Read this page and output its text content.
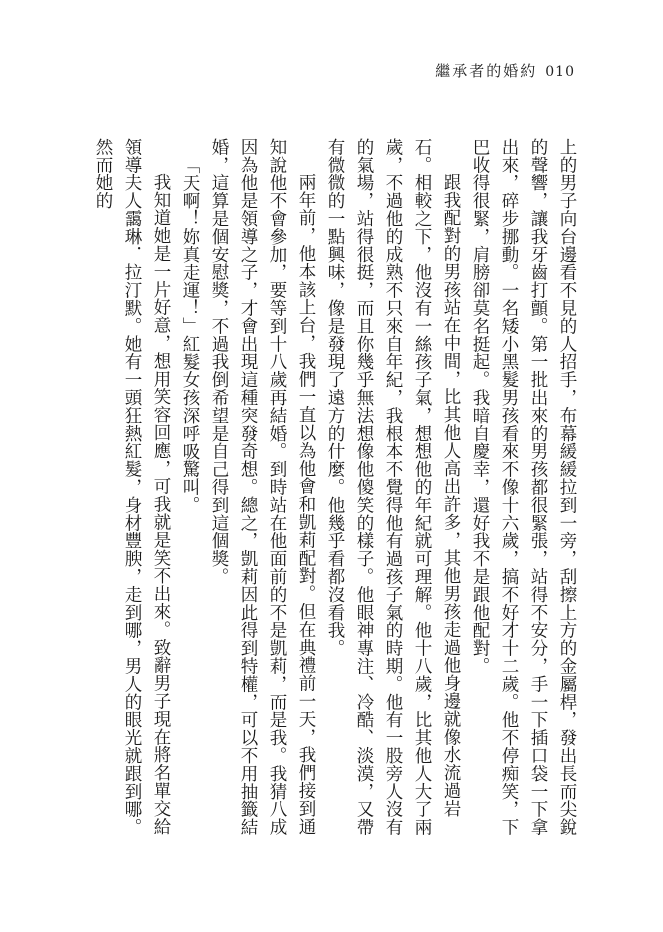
繼承者的婚約 010

上的男子向台邊看不見的人招手，布幕緩緩拉到一旁，刮擦上方的金屬桿，發出長而尖銳的聲響，讓我牙齒打顫。第一批出來的男孩都很緊張，站得不安分，手一下插口袋一下拿出來，碎步挪動。一名矮小黑髮男孩看來不像十六歲，搞不好才十二歲。他不停痴笑，下巴收得很緊，肩膀卻莫名挺起。我暗自慶幸，還好我不是跟他配對。

跟我配對的男孩站在中間，比其他人高出許多，其他男孩走過他身邊就像水流過岩石。相較之下，他沒有一絲孩子氣，想想他的年紀就可理解。他十八歲，比其他人大了兩歲，不過他的成熟不只來自年紀，我根本不覺得他有過孩子氣的時期。他有一股旁人沒有的氣場，站得很挺，而且你幾乎無法想像他傻笑的樣子。他眼神專注、冷酷、淡漠，又帶有微微的一點興味，像是發現了遠方的什麼。他幾乎看都沒看我。

兩年前，他本該上台，我們一直以為他會和凱莉配對。但在典禮前一天，我們接到通知說他不會參加，要等到十八歲再結婚。到時站在他面前的不是凱莉，而是我。我猜八成因為他是領導之子，才會出現這種突發奇想。總之，凱莉因此得到特權，可以不用抽籤結婚，這算是個安慰獎，不過我倒希望是自己得到這個獎。

「天啊！妳真走運！」紅髮女孩深呼吸驚叫。

我知道她是一片好意，想用笑容回應，可我就是笑不出來。致辭男子現在將名單交給領導夫人靄琳．拉汀默。她有一頭狂熱紅髮，身材豐腴，走到哪，男人的眼光就跟到哪。然而她的
